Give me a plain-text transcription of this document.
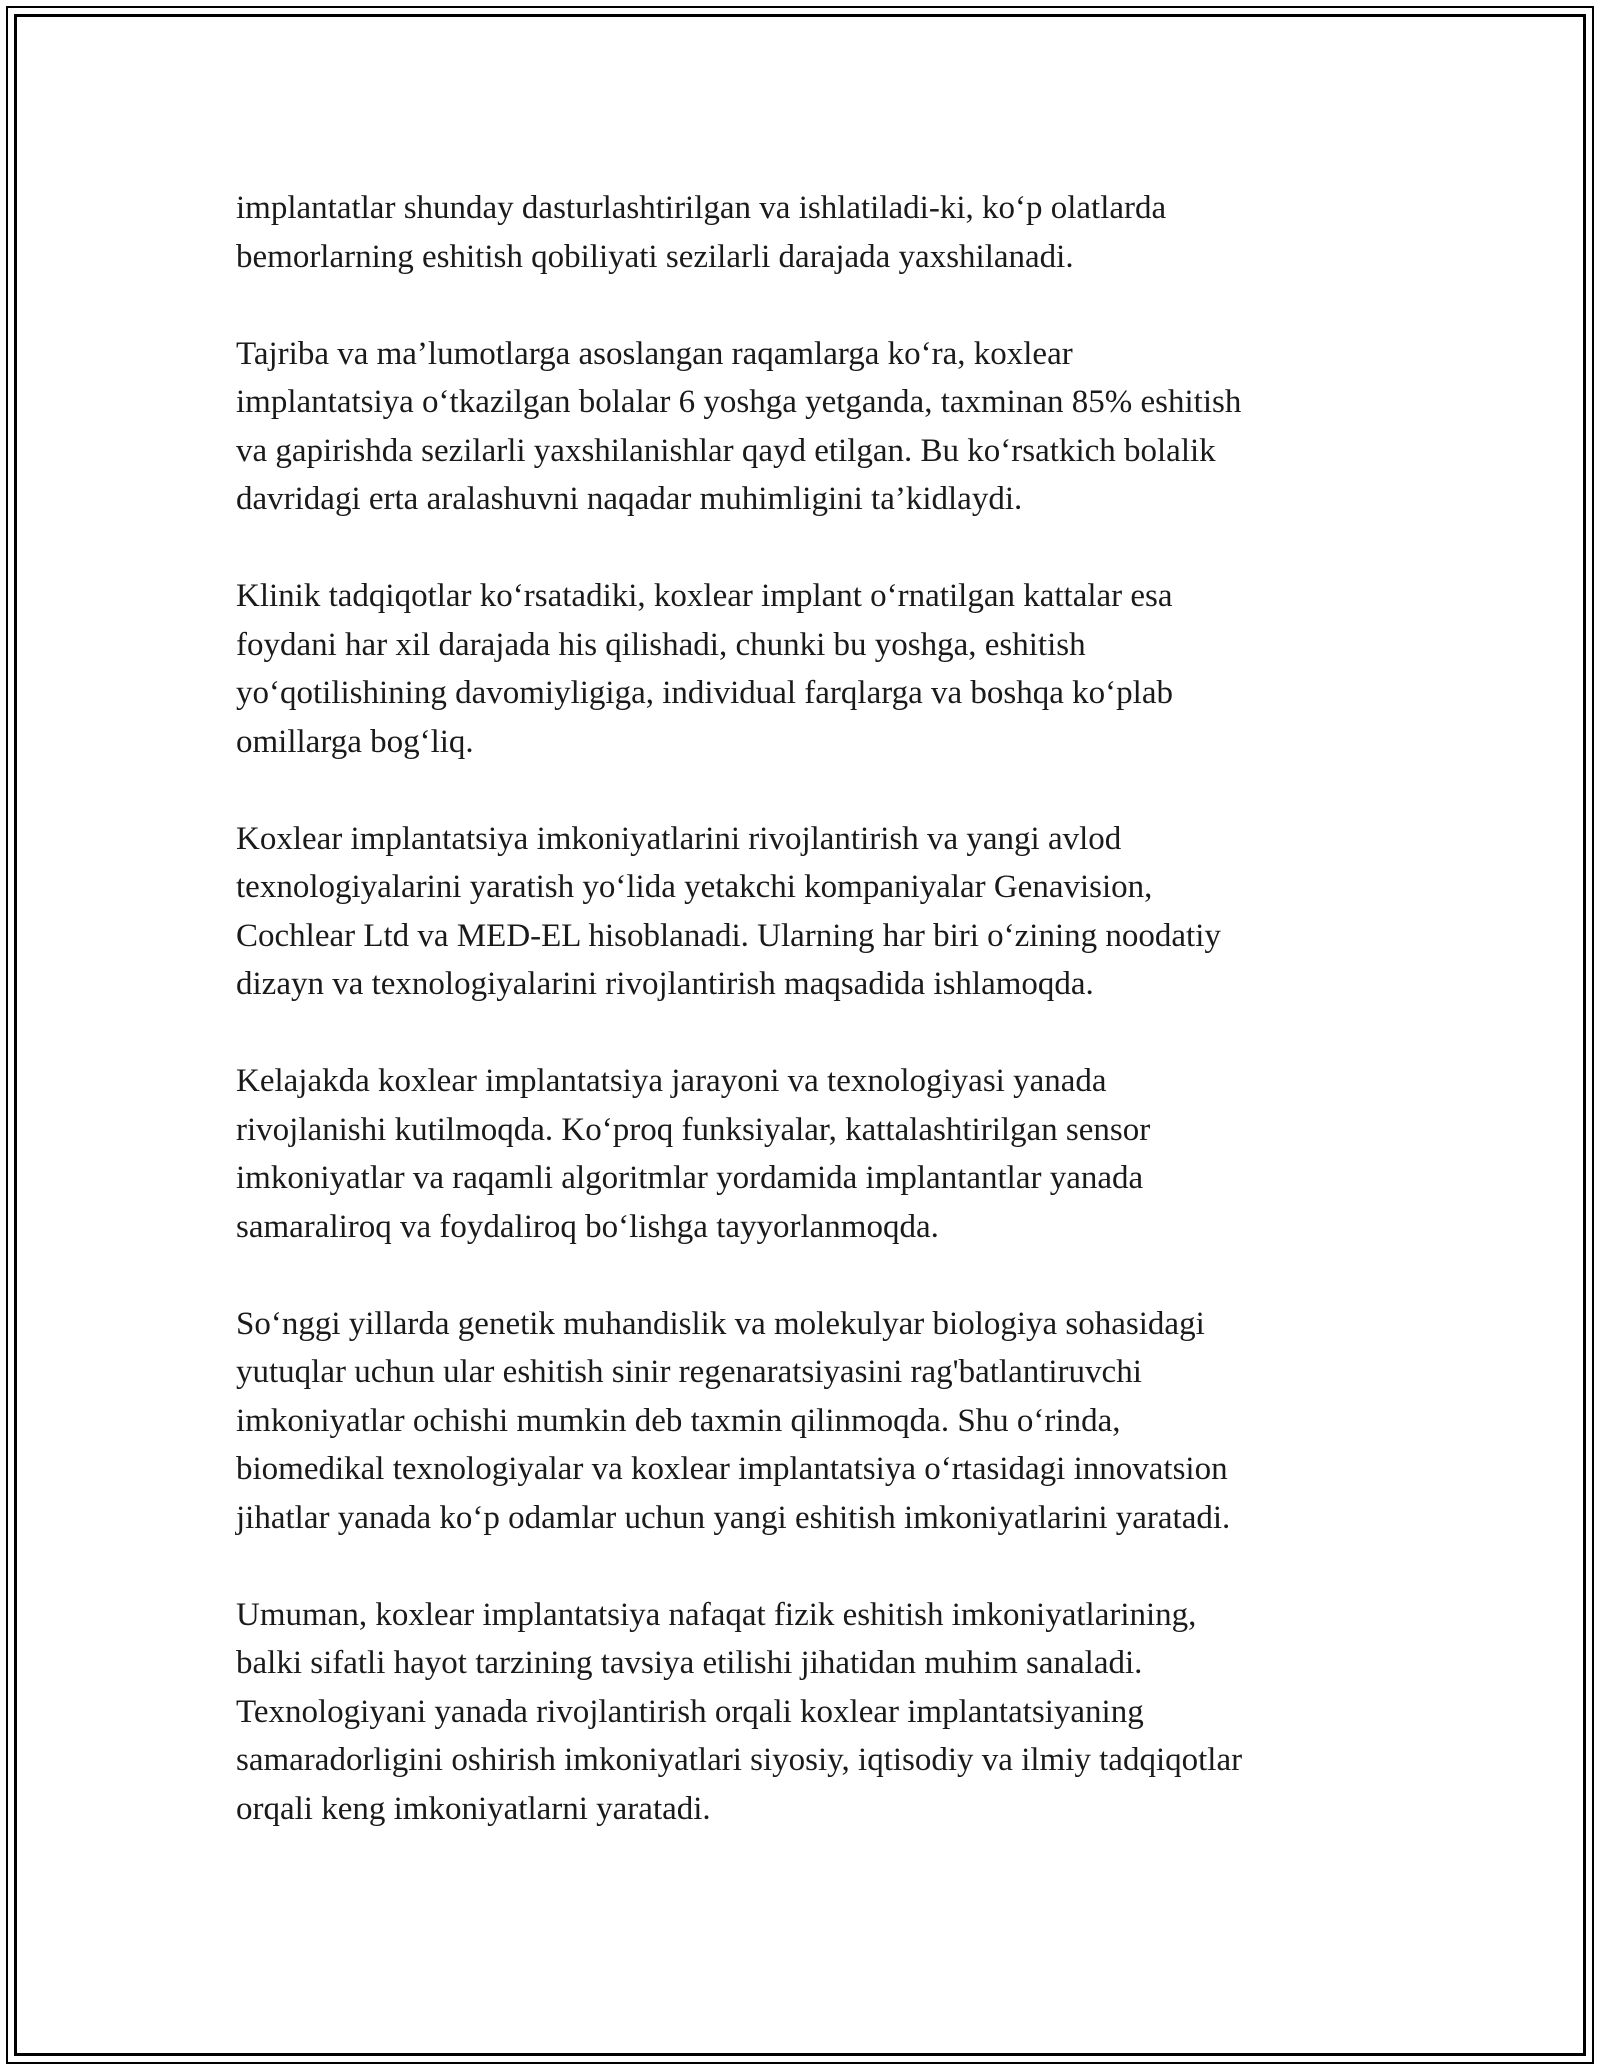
implantatlar shunday dasturlashtirilgan va ishlatiladi-ki, ko‘p olatlarda
bemorlarning eshitish qobiliyati sezilarli darajada yaxshilanadi.

Tajriba va ma’lumotlarga asoslangan raqamlarga ko‘ra, koxlear
implantatsiya o‘tkazilgan bolalar 6 yoshga yetganda, taxminan 85% eshitish
va gapirishda sezilarli yaxshilanishlar qayd etilgan. Bu ko‘rsatkich bolalik
davridagi erta aralashuvni naqadar muhimligini ta’kidlaydi.

Klinik tadqiqotlar ko‘rsatadiki, koxlear implant o‘rnatilgan kattalar esa
foydani har xil darajada his qilishadi, chunki bu yoshga, eshitish
yo‘qotilishining davomiyligiga, individual farqlarga va boshqa ko‘plab
omillarga bog‘liq.

Koxlear implantatsiya imkoniyatlarini rivojlantirish va yangi avlod
texnologiyalarini yaratish yo‘lida yetakchi kompaniyalar Genavision,
Cochlear Ltd va MED-EL hisoblanadi. Ularning har biri o‘zining noodatiy
dizayn va texnologiyalarini rivojlantirish maqsadida ishlamoqda.

Kelajakda koxlear implantatsiya jarayoni va texnologiyasi yanada
rivojlanishi kutilmoqda. Ko‘proq funksiyalar, kattalashtirilgan sensor
imkoniyatlar va raqamli algoritmlar yordamida implantantlar yanada
samaraliroq va foydaliroq bo‘lishga tayyorlanmoqda.

So‘nggi yillarda genetik muhandislik va molekulyar biologiya sohasidagi
yutuqlar uchun ular eshitish sinir regenaratsiyasini rag'batlantiruvchi
imkoniyatlar ochishi mumkin deb taxmin qilinmoqda. Shu o‘rinda,
biomedikal texnologiyalar va koxlear implantatsiya o‘rtasidagi innovatsion
jihatlar yanada ko‘p odamlar uchun yangi eshitish imkoniyatlarini yaratadi.

Umuman, koxlear implantatsiya nafaqat fizik eshitish imkoniyatlarining,
balki sifatli hayot tarzining tavsiya etilishi jihatidan muhim sanaladi.
Texnologiyani yanada rivojlantirish orqali koxlear implantatsiyaning
samaradorligini oshirish imkoniyatlari siyosiy, iqtisodiy va ilmiy tadqiqotlar
orqali keng imkoniyatlarni yaratadi.
